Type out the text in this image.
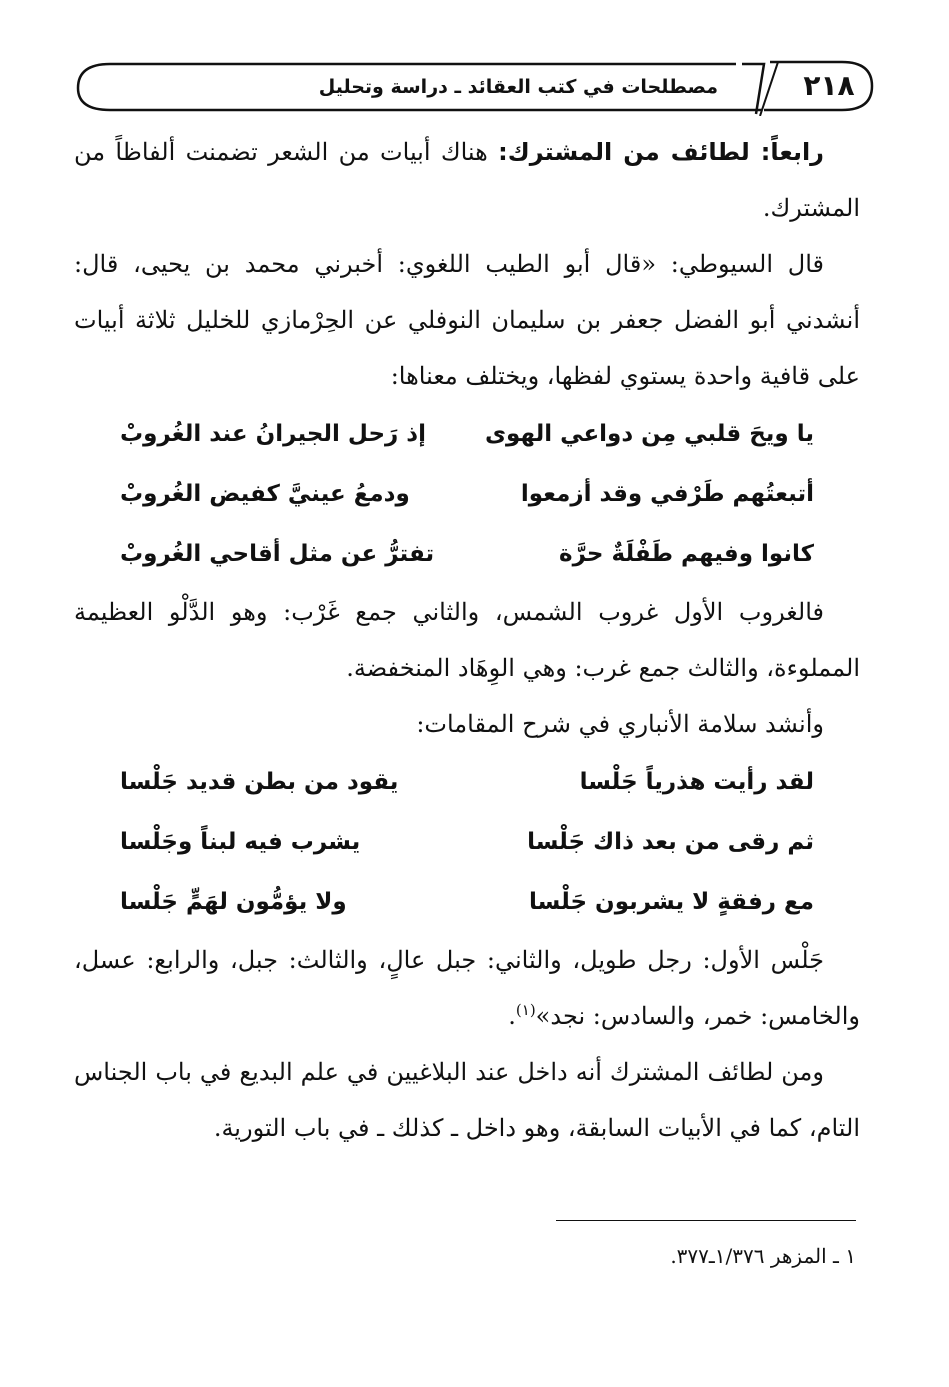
٢١٨
مصطلحات في كتب العقائد ـ دراسة وتحليل

رابعاً: لطائف من المشترك: هناك أبيات من الشعر تضمنت ألفاظاً من المشترك.

قال السيوطي: «قال أبو الطيب اللغوي: أخبرني محمد بن يحيى، قال: أنشدني أبو الفضل جعفر بن سليمان النوفلي عن الحِرْمازي للخليل ثلاثة أبيات على قافية واحدة يستوي لفظها، ويختلف معناها:

يا ويحَ قلبي مِن دواعي الهوى
إذ رَحل الجيرانُ عند الغُروبْ
أتبعتُهم طَرْفي وقد أزمعوا
ودمعُ عينيَّ كفيض الغُروبْ
كانوا وفيهم طَفْلَةٌ حرَّة
تفترُّ عن مثل أقاحي الغُروبْ

فالغروب الأول غروب الشمس، والثاني جمع غَرْب: وهو الدَّلْو العظيمة المملوءة، والثالث جمع غرب: وهي الوِهَاد المنخفضة.

وأنشد سلامة الأنباري في شرح المقامات:

لقد رأيت هذرياً جَلْسا
يقود من بطن قديد جَلْسا
ثم رقى من بعد ذاك جَلْسا
يشرب فيه لبناً وجَلْسا
مع رفقةٍ لا يشربون جَلْسا
ولا يؤمُّون لهَمٍّ جَلْسا

جَلْس الأول: رجل طويل، والثاني: جبل عالٍ، والثالث: جبل، والرابع: عسل، والخامس: خمر، والسادس: نجد»$^{(١)}$.

ومن لطائف المشترك أنه داخل عند البلاغيين في علم البديع في باب الجناس التام، كما في الأبيات السابقة، وهو داخل ـ كذلك ـ في باب التورية.

١ ـ المزهر ١/٣٧٦ـ٣٧٧.
